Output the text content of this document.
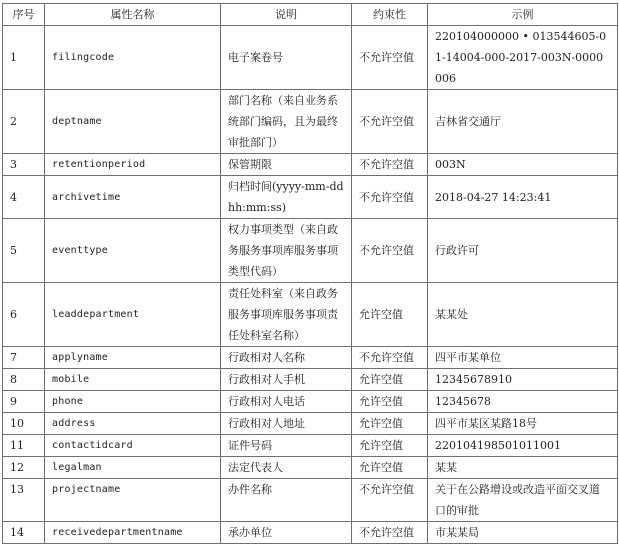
序号	属性名称	说明	约束性	示例
1	filingcode	电子案卷号	不允许空值	220104000000 • 013544605-01-14004-000-2017-003N-0000006
2	deptname	部门名称（来自业务系统部门编码，且为最终审批部门）	不允许空值	吉林省交通厅
3	retentionperiod	保管期限	不允许空值	003N
4	archivetime	归档时间(yyyy-mm-dd hh:mm:ss)	不允许空值	2018-04-27 14:23:41
5	eventtype	权力事项类型（来自政务服务事项库服务事项类型代码）	不允许空值	行政许可
6	leaddepartment	责任处科室（来自政务服务事项库服务事项责任处科室名称）	允许空值	某某处
7	applyname	行政相对人名称	不允许空值	四平市某单位
8	mobile	行政相对人手机	允许空值	12345678910
9	phone	行政相对人电话	允许空值	12345678
10	address	行政相对人地址	允许空值	四平市某区某路18号
11	contactidcard	证件号码	允许空值	220104198501011001
12	legalman	法定代表人	允许空值	某某
13	projectname	办件名称	不允许空值	关于在公路增设或改造平面交叉道口的审批
14	receivedepartmentname	承办单位	不允许空值	市某某局
